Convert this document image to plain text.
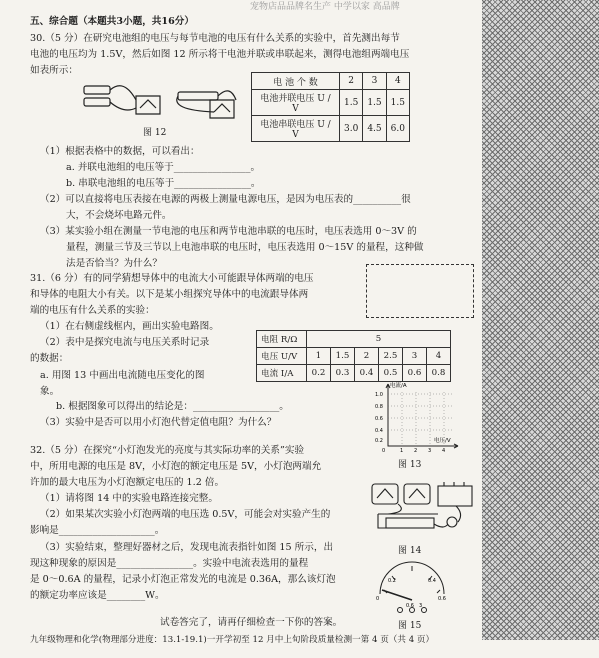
宠物店品品牌名生产 中学以家 高品牌
五、综合题（本题共3小题，共16分）
30.（5 分）在研究电池组的电压与每节电池的电压有什么关系的实验中，首先测出每节
电池的电压均为 1.5V，然后如图 12 所示将干电池并联或串联起来，测得电池组两端电压
如表所示：
图 12
电 池 个 数	2	3	4
电池并联电压 U / V	1.5	1.5	1.5
电池串联电压 U / V	3.0	4.5	6.0
（1）根据表格中的数据，可以看出：
a. 并联电池组的电压等于________________。
b. 串联电池组的电压等于________________。
（2）可以直接将电压表接在电源的两极上测量电源电压，是因为电压表的__________很
大，不会烧坏电路元件。
（3）某实验小组在测量一节电池的电压和两节电池串联的电压时，电压表选用 0～3V 的
量程，测量三节及三节以上电池串联的电压时，电压表选用 0～15V 的量程，这种做
法是否恰当？为什么？
31.（6 分）有的同学猜想导体中的电流大小可能跟导体两端的电压
和导体的电阻大小有关。以下是某小组探究导体中的电流跟导体两
端的电压有什么关系的实验：
（1）在右侧虚线框内，画出实验电路图。
（2）表中是探究电流与电压关系时记录
的数据：
a. 用图 13 中画出电流随电压变化的图
象。
b. 根据图象可以得出的结论是：__________________。
（3）实验中是否可以用小灯泡代替定值电阻？为什么？
电阻 R/Ω	5					
电压 U/V	1	1.5	2	2.5	3	4
电流 I/A	0.2	0.3	0.4	0.5	0.6	0.8
电流/A
电压/V
1.0
0.8
0.6
0.4
0.2
0	1 2 3 4
图 13
32.（5 分）在探究“小灯泡发光的亮度与其实际功率的关系”实验
中，所用电源的电压是 8V，小灯泡的额定电压是 5V，小灯泡两端允
许加的最大电压为小灯泡额定电压的 1.2 倍。
（1）请将图 14 中的实验电路连接完整。
（2）如果某次实验小灯泡两端的电压选 0.5V，可能会对实验产生的
影响是____________________。
（3）实验结束，整理好器材之后，发现电流表指针如图 15 所示，出
现这种现象的原因是________________。实验中电流表选用的量程
是 0～0.6A 的量程，记录小灯泡正常发光的电流是 0.36A，那么该灯泡
的额定功率应该是________W。
图 14
0.2	0.4
0	0.6
0.6 3
图 15
试卷答完了，请再仔细检查一下你的答案。
九年级物理和化学(物理部分进度：13.1-19.1)一开学初至 12 月中上旬阶段质量检测一第 4 页（共 4 页）
